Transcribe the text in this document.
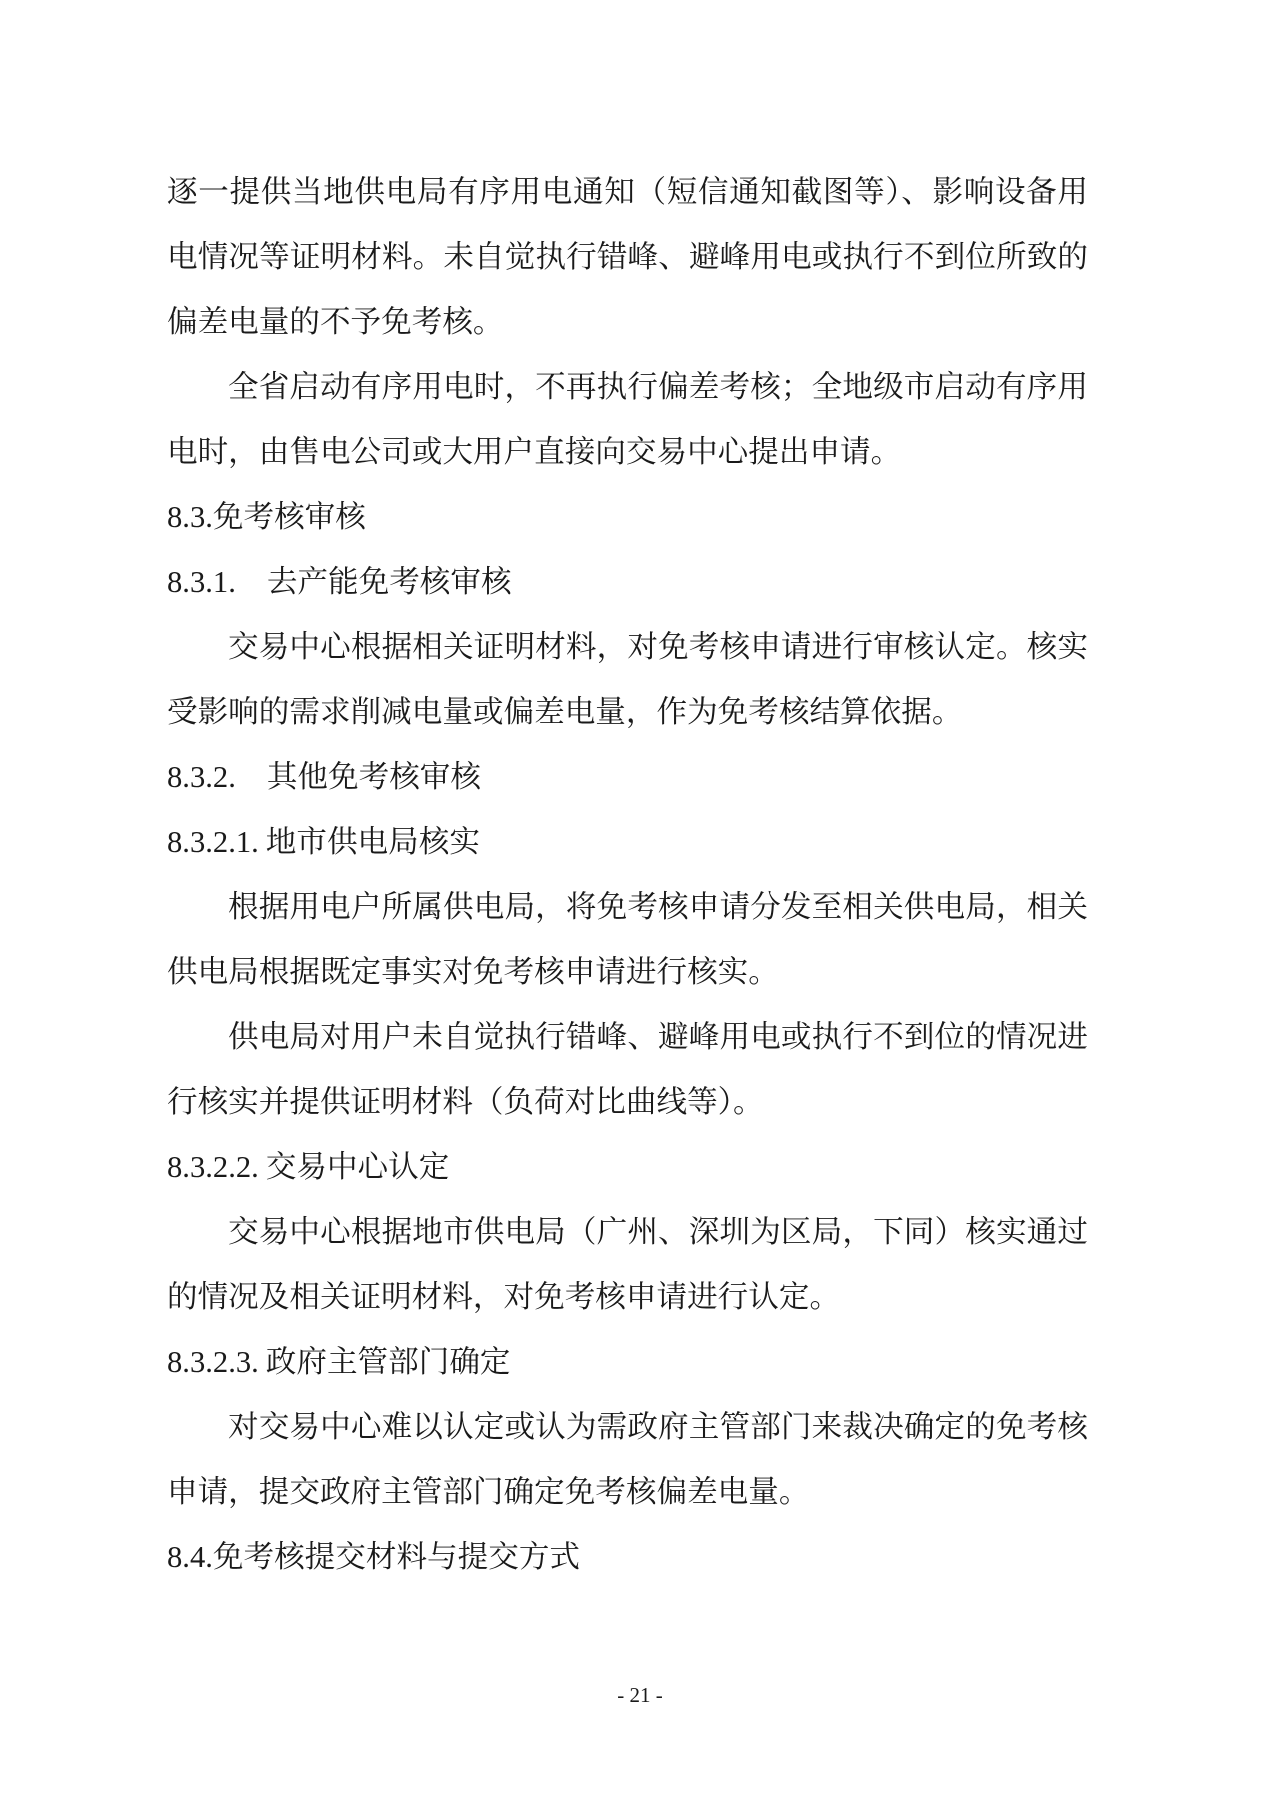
逐一提供当地供电局有序用电通知（短信通知截图等）、影响设备用电情况等证明材料。未自觉执行错峰、避峰用电或执行不到位所致的偏差电量的不予免考核。

全省启动有序用电时，不再执行偏差考核；全地级市启动有序用电时，由售电公司或大用户直接向交易中心提出申请。

8.3.免考核审核
8.3.1. 去产能免考核审核

交易中心根据相关证明材料，对免考核申请进行审核认定。核实受影响的需求削减电量或偏差电量，作为免考核结算依据。

8.3.2. 其他免考核审核
8.3.2.1. 地市供电局核实

根据用电户所属供电局，将免考核申请分发至相关供电局，相关供电局根据既定事实对免考核申请进行核实。

供电局对用户未自觉执行错峰、避峰用电或执行不到位的情况进行核实并提供证明材料（负荷对比曲线等）。

8.3.2.2. 交易中心认定

交易中心根据地市供电局（广州、深圳为区局，下同）核实通过的情况及相关证明材料，对免考核申请进行认定。

8.3.2.3. 政府主管部门确定

对交易中心难以认定或认为需政府主管部门来裁决确定的免考核申请，提交政府主管部门确定免考核偏差电量。

8.4.免考核提交材料与提交方式
- 21 -
